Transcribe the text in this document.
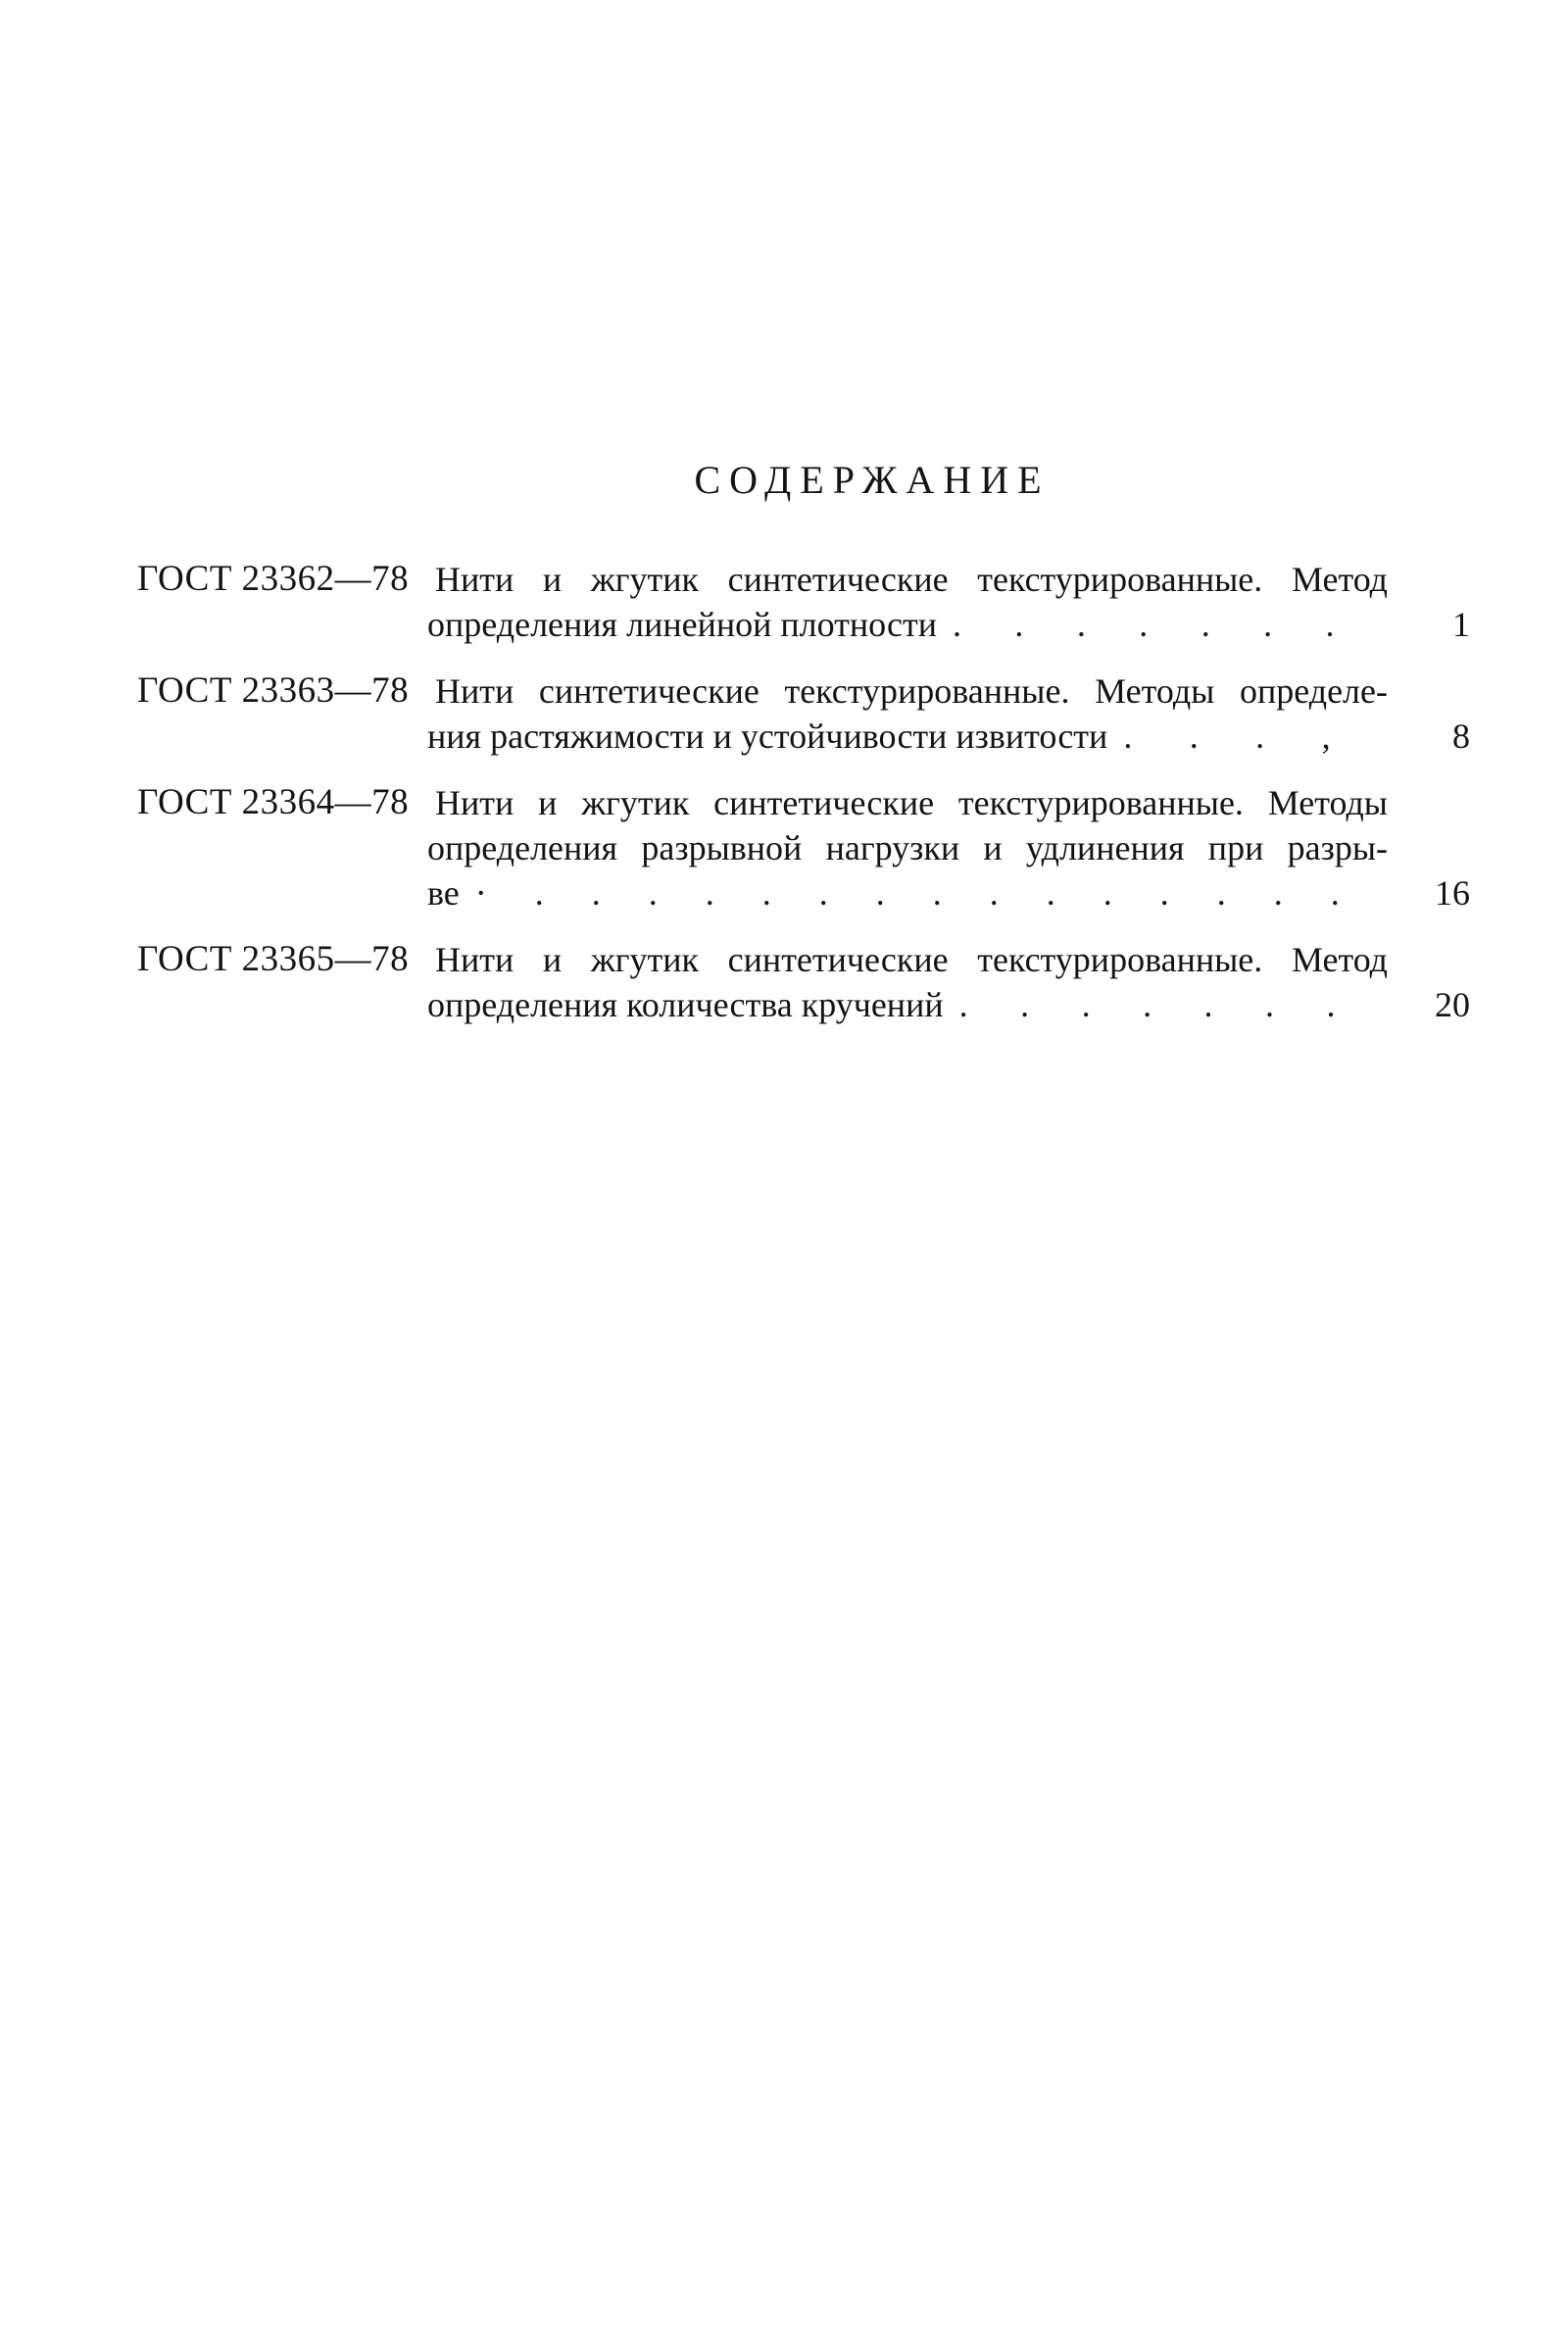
СОДЕРЖАНИЕ
ГОСТ 23362—78 Нити и жгутик синтетические текстурированные. Метод
определения линейной плотности . . . . . . .	1
ГОСТ 23363—78 Нити синтетические текстурированные. Методы определе-
ния растяжимости и устойчивости извитости . . . ,	8
ГОСТ 23364—78 Нити и жгутик синтетические текстурированные. Методы
определения разрывной нагрузки и удлинения при разры-
ве · . . . . . . . . . . . . . . .	16
ГОСТ 23365—78 Нити и жгутик синтетические текстурированные. Метод
определения количества кручений . . . . . . .	20
